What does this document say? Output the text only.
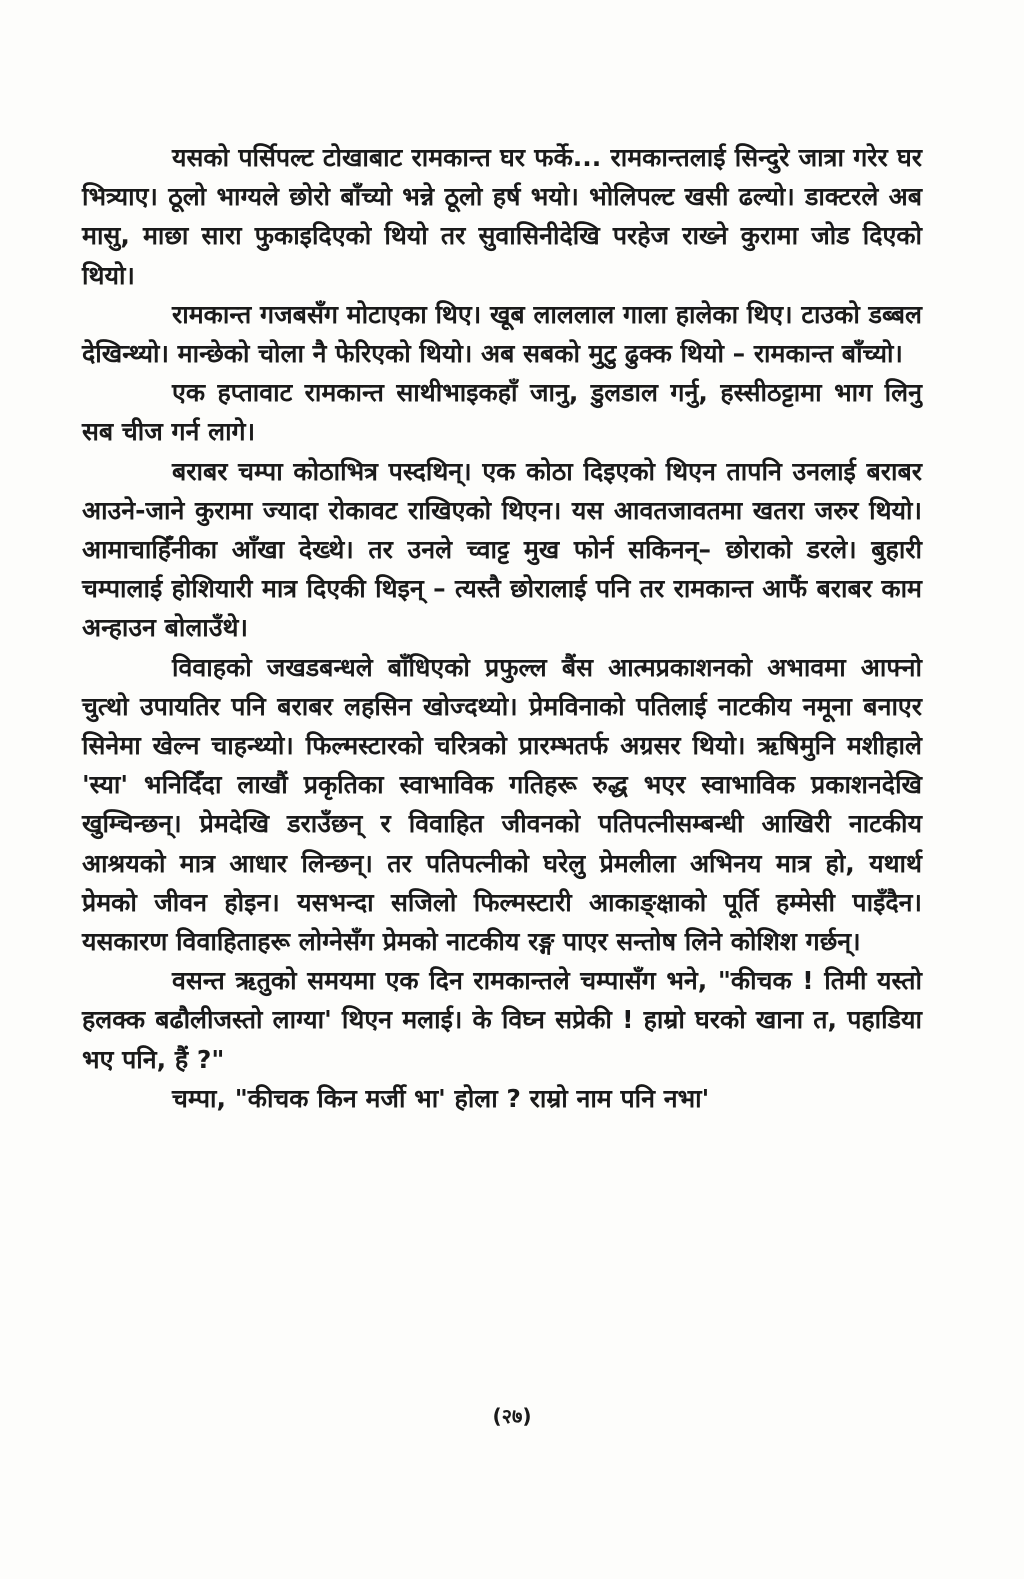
यसको पर्सिपल्ट टोखाबाट रामकान्त घर फर्के... रामकान्तलाई सिन्दुरे जात्रा गरेर घर भित्र्याए। ठूलो भाग्यले छोरो बाँच्यो भन्ने ठूलो हर्ष भयो। भोलिपल्ट खसी ढल्यो। डाक्टरले अब मासु, माछा सारा फुकाइदिएको थियो तर सुवासिनीदेखि परहेज राख्ने कुरामा जोड दिएको थियो।

रामकान्त गजबसँग मोटाएका थिए। खूब लाललाल गाला हालेका थिए। टाउको डब्बल देखिन्थ्यो। मान्छेको चोला नै फेरिएको थियो। अब सबको मुटु ढुक्क थियो – रामकान्त बाँच्यो।

एक हप्तावाट रामकान्त साथीभाइकहाँ जानु, डुलडाल गर्नु, हस्सीठट्टामा भाग लिनु सब चीज गर्न लागे।

बराबर चम्पा कोठाभित्र पस्दथिन्। एक कोठा दिइएको थिएन तापनि उनलाई बराबर आउने-जाने कुरामा ज्यादा रोकावट राखिएको थिएन। यस आवतजावतमा खतरा जरुर थियो। आमाचाहिँनीका आँखा देख्थे। तर उनले च्वाट्ट मुख फोर्न सकिनन्– छोराको डरले। बुहारी चम्पालाई होशियारी मात्र दिएकी थिइन् – त्यस्तै छोरालाई पनि तर रामकान्त आफैं बराबर काम अन्हाउन बोलाउँथे।

विवाहको जखडबन्धले बाँधिएको प्रफुल्ल बैंस आत्मप्रकाशनको अभावमा आफ्नो चुत्थो उपायतिर पनि बराबर लहसिन खोज्दथ्यो। प्रेमविनाको पतिलाई नाटकीय नमूना बनाएर सिनेमा खेल्न चाहन्थ्यो। फिल्मस्टारको चरित्रको प्रारम्भतर्फ अग्रसर थियो। ऋषिमुनि मशीहाले 'स्या' भनिदिँदा लाखौं प्रकृतिका स्वाभाविक गतिहरू रुद्ध भएर स्वाभाविक प्रकाशनदेखि खुम्चिन्छन्। प्रेमदेखि डराउँछन् र विवाहित जीवनको पतिपत्नीसम्बन्धी आखिरी नाटकीय आश्रयको मात्र आधार लिन्छन्। तर पतिपत्नीको घरेलु प्रेमलीला अभिनय मात्र हो, यथार्थ प्रेमको जीवन होइन। यसभन्दा सजिलो फिल्मस्टारी आकाङ्क्षाको पूर्ति हम्मेसी पाइँदैन। यसकारण विवाहिताहरू लोग्नेसँग प्रेमको नाटकीय रङ्ग पाएर सन्तोष लिने कोशिश गर्छन्।

वसन्त ऋतुको समयमा एक दिन रामकान्तले चम्पासँग भने, "कीचक ! तिमी यस्तो हलक्क बढौलीजस्तो लाग्या' थिएन मलाई। के विघ्न सप्रेकी ! हाम्रो घरको खाना त, पहाडिया भए पनि, हैं ?"

चम्पा, "कीचक किन मर्जी भा' होला ? राम्रो नाम पनि नभा'

(२७)
